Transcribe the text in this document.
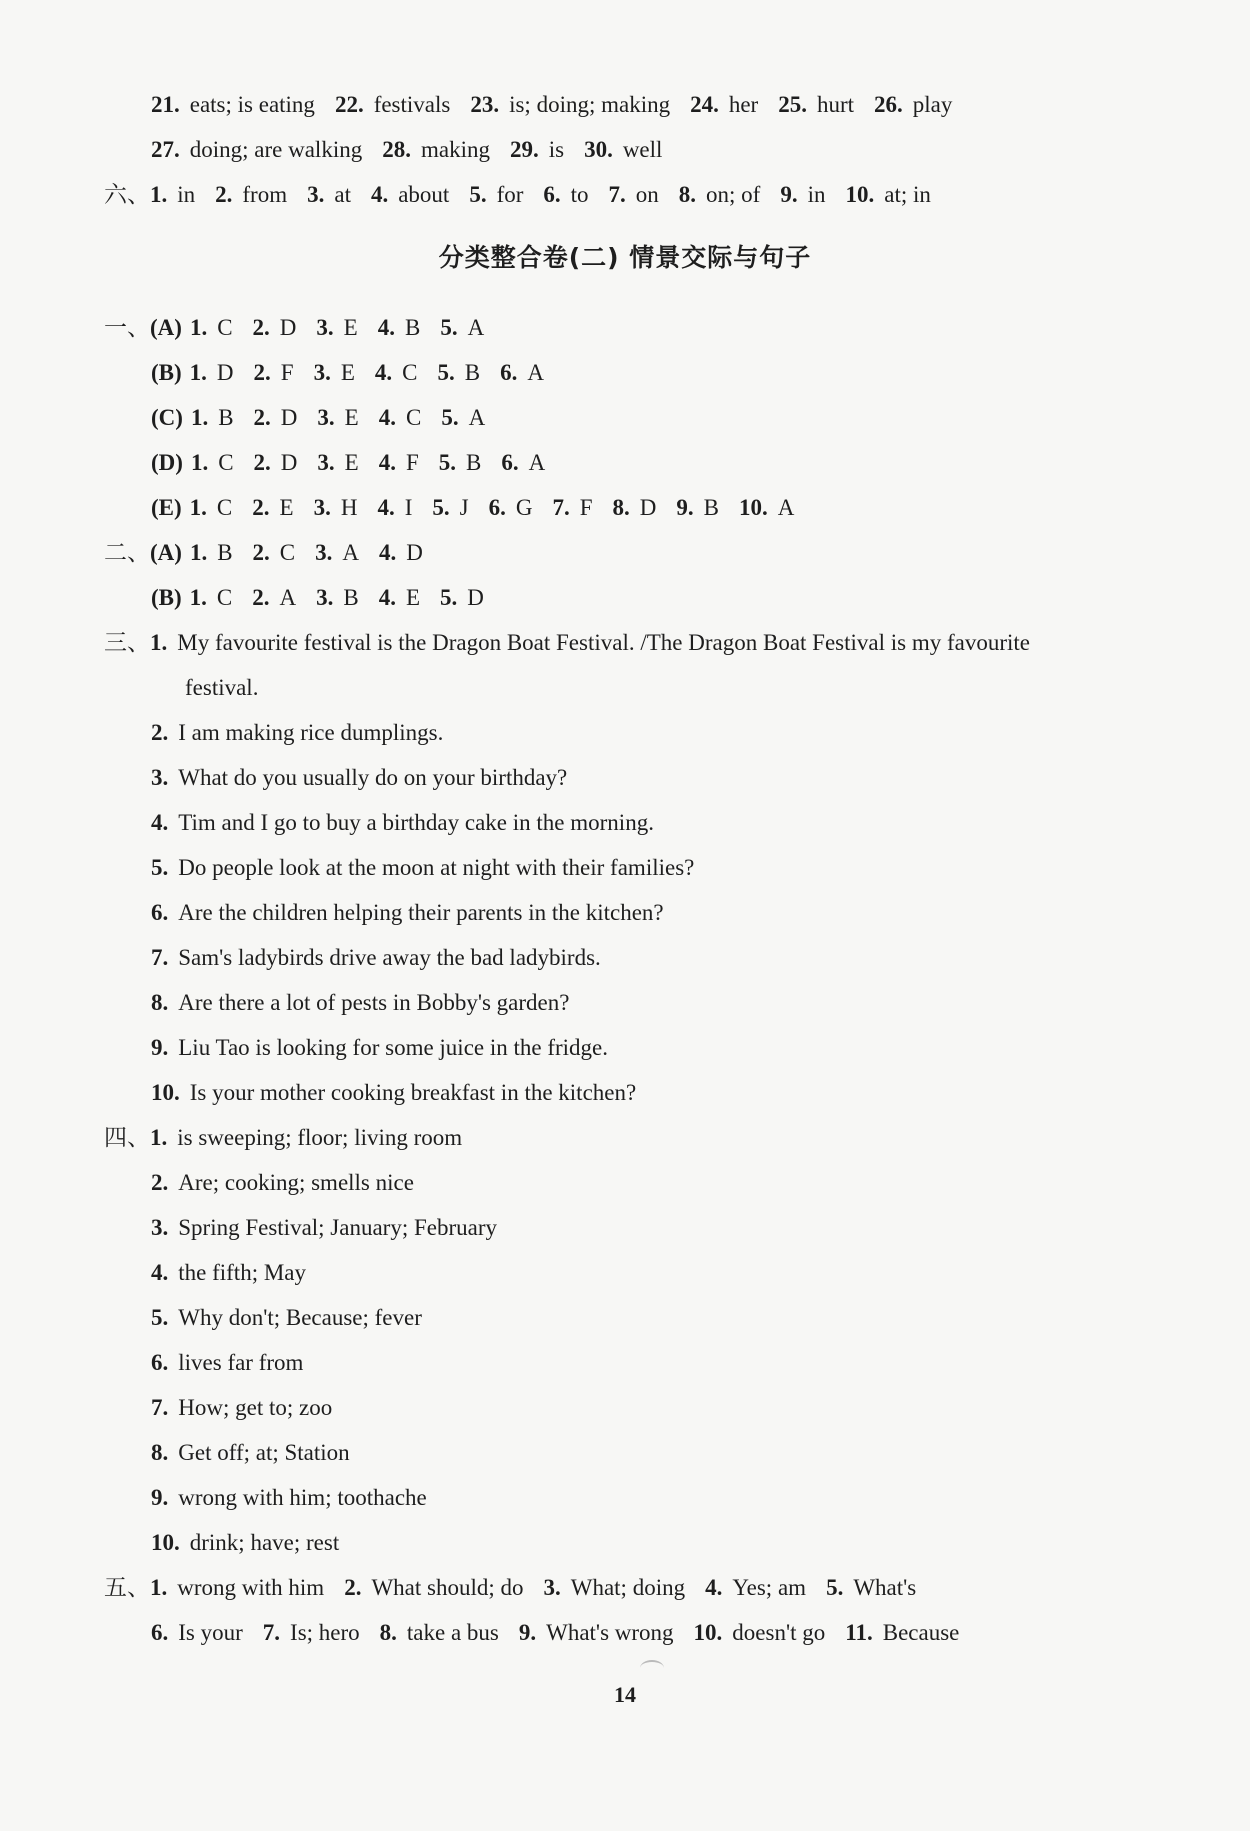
分类整合卷(二) 情景交际与句子
21. eats; is eating 22. festivals 23. is; doing; making 24. her 25. hurt 26. play
27. doing; are walking 28. making 29. is 30. well
六、1. in 2. from 3. at 4. about 5. for 6. to 7. on 8. on; of 9. in 10. at; in
一、(A) 1. C 2. D 3. E 4. B 5. A
(B) 1. D 2. F 3. E 4. C 5. B 6. A
(C) 1. B 2. D 3. E 4. C 5. A
(D) 1. C 2. D 3. E 4. F 5. B 6. A
(E) 1. C 2. E 3. H 4. I 5. J 6. G 7. F 8. D 9. B 10. A
二、(A) 1. B 2. C 3. A 4. D
(B) 1. C 2. A 3. B 4. E 5. D
三、1. My favourite festival is the Dragon Boat Festival. /The Dragon Boat Festival is my favourite
festival.
2. I am making rice dumplings.
3. What do you usually do on your birthday?
4. Tim and I go to buy a birthday cake in the morning.
5. Do people look at the moon at night with their families?
6. Are the children helping their parents in the kitchen?
7. Sam's ladybirds drive away the bad ladybirds.
8. Are there a lot of pests in Bobby's garden?
9. Liu Tao is looking for some juice in the fridge.
10. Is your mother cooking breakfast in the kitchen?
四、1. is sweeping; floor; living room
2. Are; cooking; smells nice
3. Spring Festival; January; February
4. the fifth; May
5. Why don't; Because; fever
6. lives far from
7. How; get to; zoo
8. Get off; at; Station
9. wrong with him; toothache
10. drink; have; rest
五、1. wrong with him 2. What should; do 3. What; doing 4. Yes; am 5. What's
6. Is your 7. Is; hero 8. take a bus 9. What's wrong 10. doesn't go 11. Because
14
